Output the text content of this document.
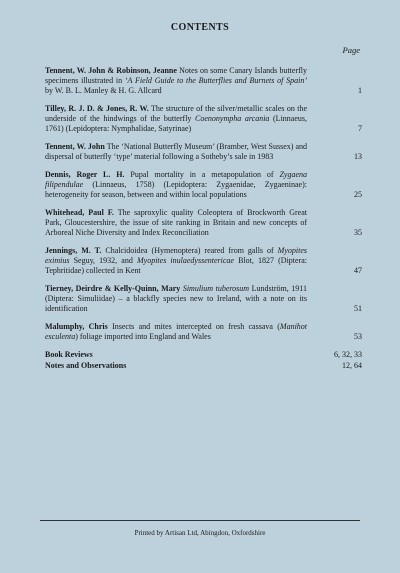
CONTENTS
Page
Tennent, W. John & Robinson, Jeanne Notes on some Canary Islands butterfly specimens illustrated in ‘A Field Guide to the Butterflies and Burnets of Spain’ by W. B. L. Manley & H. G. Allcard	1
Tilley, R. J. D. & Jones, R. W. The structure of the silver/metallic scales on the underside of the hindwings of the butterfly Coenonympha arcania (Linnaeus, 1761) (Lepidoptera: Nymphalidae, Satyrinae)	7
Tennent, W. John The ‘National Butterfly Museum’ (Bramber, West Sussex) and dispersal of butterfly ‘type’ material following a Sotheby’s sale in 1983	13
Dennis, Roger L. H. Pupal mortality in a metapopulation of Zygaena filipendulae (Linnaeus, 1758) (Lepidoptera: Zygaenidae, Zygaeninae): heterogeneity for season, between and within local populations	25
Whitehead, Paul F. The saproxylic quality Coleoptera of Brockworth Great Park, Gloucestershire, the issue of site ranking in Britain and new concepts of Arboreal Niche Diversity and Index Reconciliation	35
Jennings, M. T. Chalcidoidea (Hymenoptera) reared from galls of Myopites eximius Seguy, 1932, and Myopites inulaedyssentericae Blot, 1827 (Diptera: Tephritidae) collected in Kent	47
Tierney, Deirdre & Kelly-Quinn, Mary Simulium tuberosum Lundström, 1911 (Diptera: Simuliidae) – a blackfly species new to Ireland, with a note on its identification	51
Malumphy, Chris Insects and mites intercepted on fresh cassava (Manihot esculenta) foliage imported into England and Wales	53
Book Reviews	6, 32, 33
Notes and Observations	12, 64
Printed by Artisan Ltd, Abingdon, Oxfordshire
